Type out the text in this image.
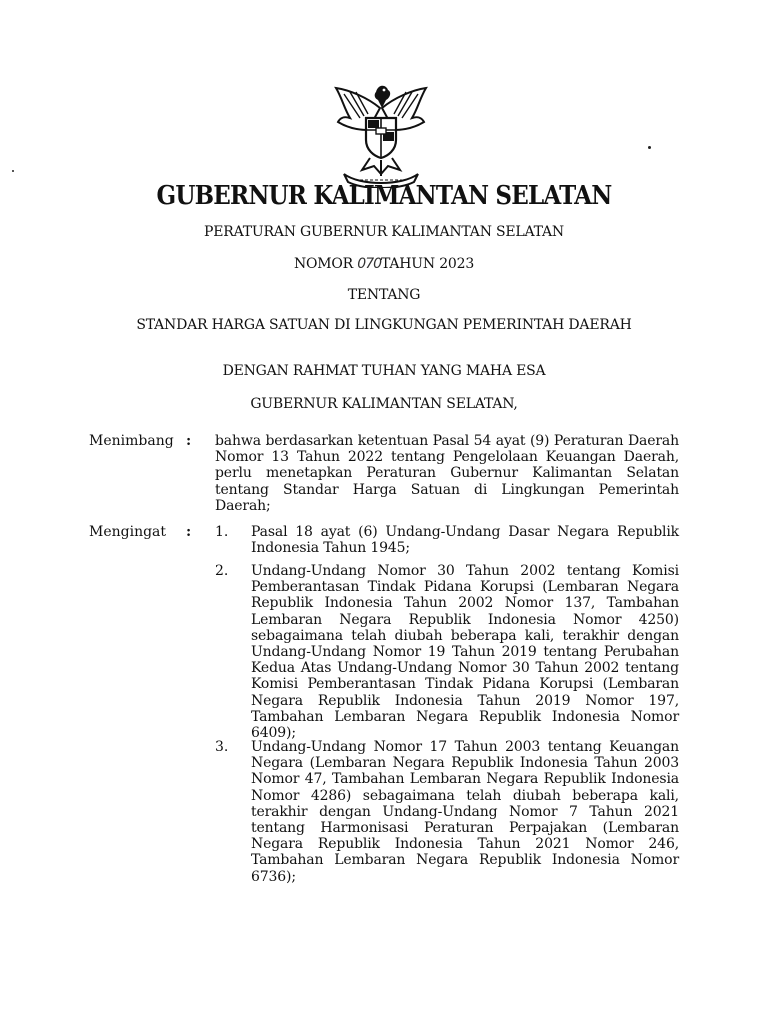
GUBERNUR KALIMANTAN SELATAN
PERATURAN GUBERNUR KALIMANTAN SELATAN
NOMOR 070TAHUN 2023
TENTANG
STANDAR HARGA SATUAN DI LINGKUNGAN PEMERINTAH DAERAH
DENGAN RAHMAT TUHAN YANG MAHA ESA
GUBERNUR KALIMANTAN SELATAN,
Menimbang : bahwa berdasarkan ketentuan Pasal 54 ayat (9) Peraturan Daerah Nomor 13 Tahun 2022 tentang Pengelolaan Keuangan Daerah, perlu menetapkan Peraturan Gubernur Kalimantan Selatan tentang Standar Harga Satuan di Lingkungan Pemerintah Daerah;
Mengingat : 1. Pasal 18 ayat (6) Undang-Undang Dasar Negara Republik Indonesia Tahun 1945;
2. Undang-Undang Nomor 30 Tahun 2002 tentang Komisi Pemberantasan Tindak Pidana Korupsi (Lembaran Negara Republik Indonesia Tahun 2002 Nomor 137, Tambahan Lembaran Negara Republik Indonesia Nomor 4250) sebagaimana telah diubah beberapa kali, terakhir dengan Undang-Undang Nomor 19 Tahun 2019 tentang Perubahan Kedua Atas Undang-Undang Nomor 30 Tahun 2002 tentang Komisi Pemberantasan Tindak Pidana Korupsi (Lembaran Negara Republik Indonesia Tahun 2019 Nomor 197, Tambahan Lembaran Negara Republik Indonesia Nomor 6409);
3. Undang-Undang Nomor 17 Tahun 2003 tentang Keuangan Negara (Lembaran Negara Republik Indonesia Tahun 2003 Nomor 47, Tambahan Lembaran Negara Republik Indonesia Nomor 4286) sebagaimana telah diubah beberapa kali, terakhir dengan Undang-Undang Nomor 7 Tahun 2021 tentang Harmonisasi Peraturan Perpajakan (Lembaran Negara Republik Indonesia Tahun 2021 Nomor 246, Tambahan Lembaran Negara Republik Indonesia Nomor 6736);
